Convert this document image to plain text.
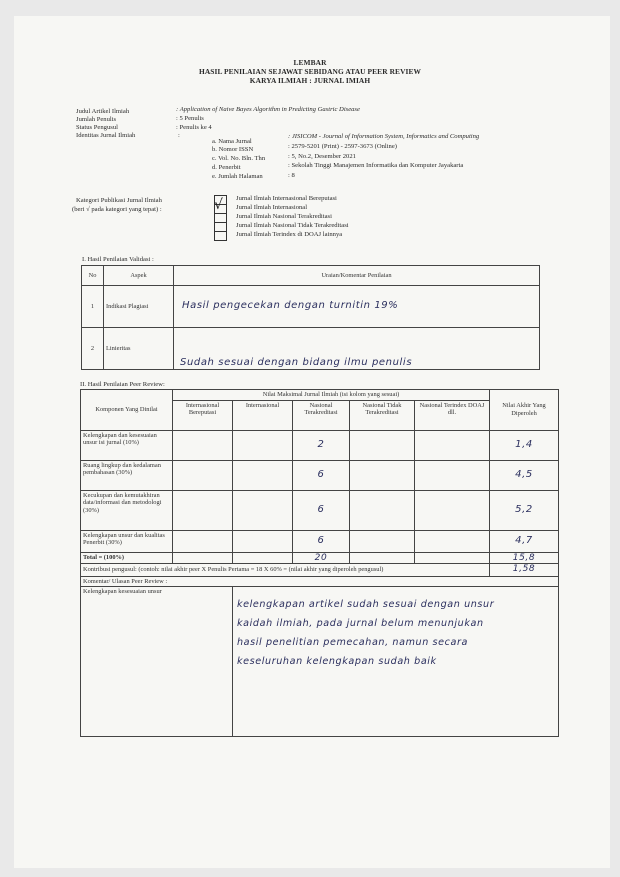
LEMBAR
HASIL PENILAIAN SEJAWAT SEBIDANG ATAU PEER REVIEW
KARYA ILMIAH : JURNAL IMIAH
Judul Artikel Ilmiah	: Application of Naive Bayes Algorithm in Predicting Gastric Disease
Jumlah Penulis	: 5 Penulis
Status Pengusul	: Penulis ke 4
Identitas Jurnal Ilmiah	:
a. Nama Jurnal
: JISICOM - Journal of Information System, Informatics and Computing
b. Nomor ISSN	: 2579-5201 (Print) - 2597-3673 (Online)
c. Vol. No. Bln. Thn	: 5, No.2, Desember 2021
d. Penerbit	: Sekolah Tinggi Manajemen Informatika dan Komputer Jayakarta
e. Jumlah Halaman	: 8
Kategori Publikasi Jurnal Ilmiah
(beri √ pada kategori yang tepat) :	√ Jurnal Ilmiah Internasional Bereputasi
Jurnal Ilmiah Internasional
Jurnal Ilmiah Nasional Terakreditasi
Jurnal Ilmiah Nasional Tidak Terakreditasi
Jurnal Ilmiah Terindex di DOAJ lainnya
I. Hasil Penilaian Validasi :
No	Aspek	Uraian/Komentar Penilaian
1	Indikasi Plagiasi	Hasil pengecekan dengan turnitin 19%
2	Linieritas	Sudah sesuai dengan bidang ilmu penulis
II. Hasil Penilaian Peer Review:
Komponen Yang Dinilai	Nilai Maksimal Jurnal Ilmiah (isi kolom yang sesuai)					Nilai Akhir Yang Diperoleh
	Internasional Bereputasi	Internasional	Nasional Terakreditasi	Nasional Tidak Terakreditasi	Nasional Terindex DOAJ dll.	
Kelengkapan dan kesesuaian unsur isi jurnal (10%)			2			1,4
Ruang lingkup dan kedalaman pembahasan (30%)			6			4,5
Kecukupan dan kemutakhiran data/informasi dan metodologi (30%)			6			5,2
Kelengkapan unsur dan kualitas Penerbit (30%)			6			4,7
Total = (100%)			20			15,8
Kontribusi pengusul: (contoh: nilai akhir peer X Penulis Pertama = 18 X 60% = (nilai akhir yang diperoleh pengusul)						1,58
Komentar/ Ulasan Peer Review :						
Kelengkapan kesesuaian unsur		kelengkapan artikel sudah sesuai dengan unsur
kaidah ilmiah, pada jurnal belum menunjukan
hasil penelitian pemecahan, namun secara
keseluruhan kelengkapan sudah baik				
